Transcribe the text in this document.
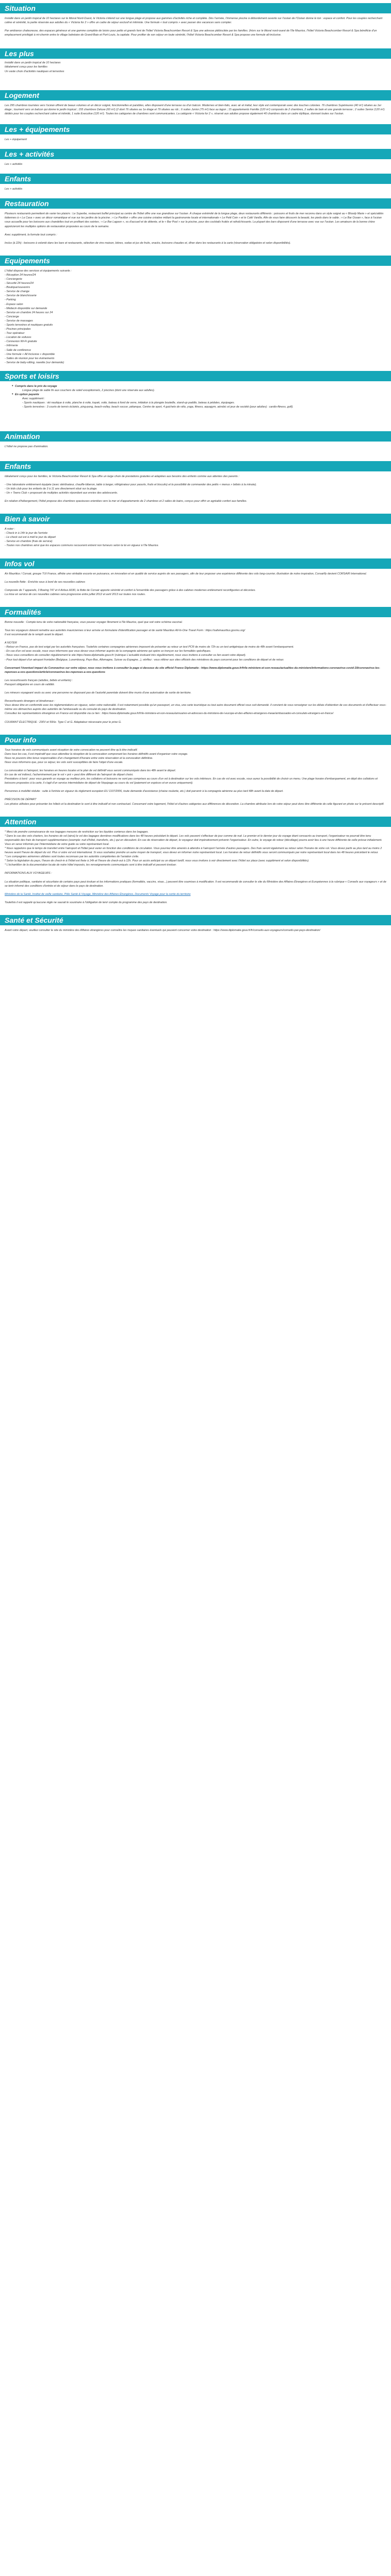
Situation

Installé dans un jardin tropical de 10 hectares sur le littoral Nord-Ouest, le Victoria s'étend sur une longue plage et propose aux gammes d'activités riche et complète. Dès l'arrivée, l'immense piscine à débordement ouverte sur l'océan de l'Océan donne le ton : espace et confort. Pour les couples recherchant calme et sérénité, la partie réservée aux adultes du « Victoria for 2 » offre un cadre de séjour exclusif et intimiste. Une formule « tout compris » avec passer des vacances sans compter.

Par ambiance chaleureuse, des espaces généreux et une gamme complète de loisirs pour petits et grands font de l'hôtel Victoria Beachcomber Resort & Spa une adresse plébiscitée par les familles. (Hors sur le littoral nord-ouest de l'île Maurice, l'hôtel Victoria Beachcomber Resort & Spa bénéficie d'un emplacement privilégié à mi-chemin entre le village balnéaire de Grand-Baie et Port-Louis, la capitale. Pour profiter de son séjour en toute sérénité, l'hôtel Victoria Beachcomber Resort & Spa propose une formule all-inclusive.

Les plus
Installé dans un jardin tropical de 10 hectares
Idéalement conçu pour les familles
Un vaste choix d'activités nautiques et terrestres
Logement

Les 295 chambres tournées vers l'océan offrent de beaux volumes et un décor soigné, fonctionnelles et paisibles, elles disposent d'une terrasse ou d'un balcon. Modernes et bien-faits, avec air et métal, leur style est contemporain avec des touches colorées. 76 chambres Supérieures (40 m²) situées au 1er étage ; tournent vers un balcon qui donne le jardin tropical ; 155 chambres Deluxe (60 m²) (2 dont 76 situées au 1e étage et 79 situées au rdc ; 6 suites Junior (75 m²) face au lagon ; 15 appartements Famille (120 m²) composés de 2 chambres, 2 salles de bain et une grande terrasse ; 2 suites Senior (120 m²) dédiés pour les couples recherchant calme et intimité, 1 suite Executive (120 m²). Toutes les catégories de chambres sont communicantes. La catégorie « Victoria for 2 », réservé aux adultes propose également 40 chambres dans un cadre idyllique, donnant toutes sur l'océan.

Les + équipements

Les + équipement

Les + activités

Les + activités

Enfants

Les + activités

Restauration

Plusieurs restaurants permettent de varier les plaisirs : Le Superbe, restaurant buffet principal au centre de l'hôtel offre une vue grandiose sur l'océan. À chaque extrémité de la longue plage, deux restaurants différents : poissons et fruits de mer reconnu dans un style soigné au « Bloody Marie » et spécialités italiennes à « La Casa » avec un décor romantique et vue sur les jardins de la piscine ; « Le Pavillon » offre une cuisine créative mêlant la gastronomie locale et internationale « Le Petit Coin » et le Café Vanilla. Afin de vous faire découvrir la beauté, les pieds dans le sable ; « Le Bar Ocean », face à l'océan vous accueille pour les boissons aux chandelles tout en profitant des soirées ; « Le Bar Lagoon », vu d'accueil et de détente, et le « Bar Pool » sur la piscine, pour des cocktails fruités et rafraîchissants. La plupart des bars disposent d'une terrasse avec vue sur l'océan. Les amateurs de la bonne chère apprécieront les multiples options de restauration proposées au cours de la semaine.

Avec supplément, la formule tout compris :

Inclus (à 22h) : boissons à volonté dans les bars et restaurants, sélection de vins maison, bières, sodas et jus de fruits, snacks, boissons chaudes et, dîner dans les restaurants à la carte (réservation obligatoire et selon disponibilités).

Equipements

L'hôtel dispose des services et équipements suivants :

- Réception 24 heures/24
- Conciergerie
- Sécurité 24 heures/24
- Boutique/souvenirs
- Service de change
- Service de blanchisserie
- Parking
- Espace salon
- Médecin disponible sur demande
- Service en chambre 24 heures sur 24
- Concierge
- Service de massages
- Sports terrestres et nautiques gratuits
- Piscines principales
- Tour opérateur
- Location de voitures
- Connexion Wi-Fi gratuite
- Infirmerie
- Salle de conférence
- Une formule « All Inclusive » disponible
- Salles de réunion pour les évènements
- Service de baby-sitting, navette (sur demande)
Sports et loisirs
• Compris dans le prix du voyage
Longue plage de sable fin aux couchers de soleil exceptionnels, 2 piscines (dont une réservée aux adultes).
• En option payante
Avec supplément :
- Sports nautiques : ski nautique à voile, planche à voile, kayak, voile, bateau à fond de verre, initiation à la plongée bouteille, stand-up paddle, bateau à pédales, équipages.
- Sports terrestres : 3 courts de tennis éclairés, ping-pong, beach-volley, beach soccer, pétanque, Centre de sport, 4 guichets de vélo, yoga, fitness, aquagym, aérobic et jeux de société (pour adultes) : cardio-fitness, golf).
Animation

L'hôtel ne propose pas d'animation.

Enfants

Idéalement conçu pour les familles, le Victoria Beachcomber Resort & Spa offre un large choix de prestations gratuites et adaptées aux besoins des enfants comme aux attentes des parents :

- Une laboratoire entièrement équipée (avec stérilisateur, chauffe-biberon, table à langer, réfrigérateur pour yaourts, fruits et biscuits) et la possibilité de commander des petits « menus » bébés à la minute).
- Un kids club pour les enfants de 3 à 11 ans directement situé sur la plage.
- Un « Teens Club » proposant de multiples activités répondant aux envies des adolescents.

En relation d'hébergement, l'hôtel propose des chambres spacieuses orientées vers la mer et d'appartements de 2 chambres et 2 salles de bains, conçus pour offrir un agréable confort aux familles.

Bien à savoir

A noter :

- Check in à 14h le jour de l'arrivée
- Le check out est à midi le jour du départ
- Service en chambre (frais de service)
- Toutes nos chambres ainsi que les espaces communs recouvrent entrent non fumeurs selon la loi en vigueur à l'île Maurice.

Infos vol

Air Mauritius / Corsair, groupe TUI France, affrète une véritable escorte en puissance, en innovation et en qualité de service auprès de ses passagers, afin de leur proposer une expérience différente des vols long-courrier, illustration de notre inspiration, Corsairfly devient CORSAIR International.

La nouvelle flotte : Enrichie sous à bord de ses nouvelles cabines

Composée de 7 appareils, 3 Boeing 747 et 4 Airbus A330, la flotte de Corsair apporte sérénité et confort à l'ensemble des passagers grâce à des cabines modernes entièrement reconfigurées et décorées.

La mise en service de ces nouvelles cabines sera progressive entre juillet 2012 et avril 2013 sur toutes nos routes.

Formalités

Bonne nouvelle : Compte tenu de votre nationalité française, vous pouvez voyager librement à l'île Maurice, quel que soit votre schéma vaccinal.

Tous les voyageurs doivent remettre aux autorités mauriciennes à leur arrivée un formulaire d'identification passager et de santé Mauritius All-In-One Travel Form : https://safemauritius.govmu.org/

Il est recommandé de le remplir avant le départ.

A NOTER
- Retour en France, pas de test exigé par les autorités françaises. Toutefois certaines compagnies aériennes imposent de présenter au retour un test PCR de moins de 72h ou un test antigénique de moins de 48h avant l'embarquement.
- En cas d'un vol avec escale, nous vous informons que vous devez vous informer auprès de la compagnie aérienne qui opère ce tronçon sur les formalités spécifiques.
- Nous vous conseillons de consulter régulièrement le site https://www.diplomatie.gouv.fr/ (rubrique L'actualité évoluant très régulièrement, nous vous invitons à consulter ce lien avant votre départ).
- Pour tout départ d'un aéroport frontalier (Belgique, Luxembourg, Pays-Bas, Allemagne, Suisse ou Espagne...), vérifiez : vous référer aux sites officiels des ministères du pays concerné pour les conditions de départ et de retour.

Concernant l'éventuel impact du Coronavirus sur votre séjour, nous vous invitons à consulter la page ci-dessous du site officiel France Diplomatie : https://www.diplomatie.gouv.fr/fr/le-ministere-et-son-reseau/actualites-du-ministere/informations-coronavirus-covid-19/coronavirus-les-reponses-a-vos-questions/article/coronavirus-les-reponses-a-vos-questions

Les ressortissants français (adultes, bébés et enfants) :
Passport obligatoire en cours de validité.

Les mineurs voyageant seuls ou avec une personne ne disposant pas de l'autorité parentale doivent être munis d'une autorisation de sortie de territoire.

Ressortissants étrangers et binationaux :
Vous devez être en conformité avec les réglementations en vigueur, selon votre nationalité. Il est notamment possible qu'un passeport, un visa, une carte touristique ou tout autre document officiel vous soit demandé. Il convient de vous renseigner sur les délais d'obtention de ces documents et d'effectuer vous-même vos démarches auprès des autorités de l'ambassade ou du consulat du pays de destination.
Consultez les représentations étrangères en France est disponible via ce lien : https://www.diplomatie.gouv.fr/fr/le-ministere-et-son-reseau/annuaires-et-adresses-du-ministere-de-l-europe-et-des-affaires-etrangeres-meae/ambassades-et-consulats-etrangers-en-france/

COURANT ÉLECTRIQUE : 230V et 50Hz. Type C et G. Adaptateur nécessaire pour le prise G.

Pour info

Tous horaires de vols communiqués avant réception de votre convocation ne peuvent être qu'à titre indicatif.
Dans tous les cas, il est impératif que vous attendiez la réception de la convocation comprenant les horaires définitifs avant d'organiser votre voyage.
Nous ne pouvons être tenus responsables d'un changement d'horaire entre votre réservation et la convocation définitive.
Nous vous informons que, pour ce séjour, les vols sont susceptibles de faire l'objet d'une escale.

La convocation à l'aéroport, les horaires en heures locales et le plan de vol définitif vous seront communiqués dans les 48h avant le départ.
En cas de vol indirect, l'acheminement par le vol « pré » peut être différent de l'aéroport de départ choisi.
Prestations à bord : pour vous garantir un voyage au meilleur prix, les collations et boissons ne sont pas comprises au cours d'un vol à destination sur les vols intérieurs. En cas de vol avec escale, vous aurez la possibilité de choisir un menu. Une plage horaire d'embarquement, en dépit des collations et boissons proposées à la carte, il s'agit d'un service intermédiaire de départ de l'équipage au cours du vol (paiement en espèces et en euros uniquement).

Personnes à mobilité réduite : suite à l'entrée en vigueur du règlement européen EU 1107/2006, toute demande d'assistance (chaise roulante, etc.) doit parvenir à la compagnie aérienne au plus tard 48h avant la date de départ.

PRÉCISION DE DÉPART
Les photos utilisées pour présenter les hôtels et la destination le sont à titre indicatif et non contractuel. Concernant votre logement, l'hôtel et d'autres catégories aux différences de décoration. La chambre attribuée lors de votre séjour peut donc être différente de celle figurant en photo sur le présent descriptif.

Attention

* Merci de prendre connaissance de nos bagages mesures de restriction sur les liquides contenus dans les bagages.
* Dans le cas des vols charters, les horaires de vol (ainsi) le vol des bagages dernières modifications dans les 48 heures précédant le départ. Les vols peuvent s'effectuer de jour comme de nuit. Le premier et le dernier jour du voyage étant consacrés au transport, l'organisateur ne pourrait être tenu responsable des frais de transport supplémentaires (exemple: nuit d'hôtel, transferts, etc.) qui en découlent. En cas de réservation de départ, le voyageur doit impérativement prévenir l'organisateur. En outre, le voyage de retour (décollage) pourra avoir lieu à une heure différente de celle prévue initialement. Vous en serez informés par l'intermédiaire de votre guide ou votre représentant local.
* Nous rappelons que le temps de transfert entre l'aéroport et l'hôtel peut varier en fonction des conditions de circulation. Vous pourriez être amenés à attendre à l'aéroport l'arrivée d'autres passagers. Des frais seront également au retour selon l'horaire de votre vol. Vous devez partir au plus tard au moins 2 heures avant l'heure de départ du vol. Plus si votre vol est international. Si vous souhaitez prendre un autre moyen de transport, vous devez en informer notre représentant local. Les horaires de retour définitifs vous seront communiqués par notre représentant local dans les 48 heures précédant le retour.
* Les compagnies aériennes utilisées sont toutes reconnues par les autorités compétentes de l'aviation civile.
* Selon la législation du pays, l'heure de check-in à l'hôtel est fixée à 14h et l'heure de check-out à 12h. Pour un accès anticipé ou un départ tardif, nous vous invitons à voir directement avec l'hôtel sur place (avec supplément et selon disponibilités).
* L'échantillon de la documentation locale de notre hôtel imposés, les renseignements communiqués sont à titre indicatif et peuvent évoluer.

INFORMATIONS AUX VOYAGEURS :

La situation politique, sanitaire et sécuritaire de certains pays peut évoluer et les informations pratiques (formalités, vaccins, visas...) peuvent être soumises à modification. Il est recommandé de consulter le site du Ministère des Affaires Étrangères et Européennes à la rubrique « Conseils aux voyageurs » et de se tenir informé des conditions d'entrée et de séjour dans le pays de destination.

Ministère de la Santé, Institut de veille sanitaire, Pôle Santé & Voyage, Ministère des Affaires Étrangères, Documents Voyage pour la sortie du territoire

Toutefois il est rappelé qu'aucune règle ne saurait le soustraire à l'obligation de tenir compte du programme des pays de destination.

Santé et Sécurité

Avant votre départ, veuillez consulter le site du ministère des Affaires étrangères pour connaître les risques sanitaires éventuels qui peuvent concerner votre destination : https://www.diplomatie.gouv.fr/fr/conseils-aux-voyageurs/conseils-par-pays-destination/
